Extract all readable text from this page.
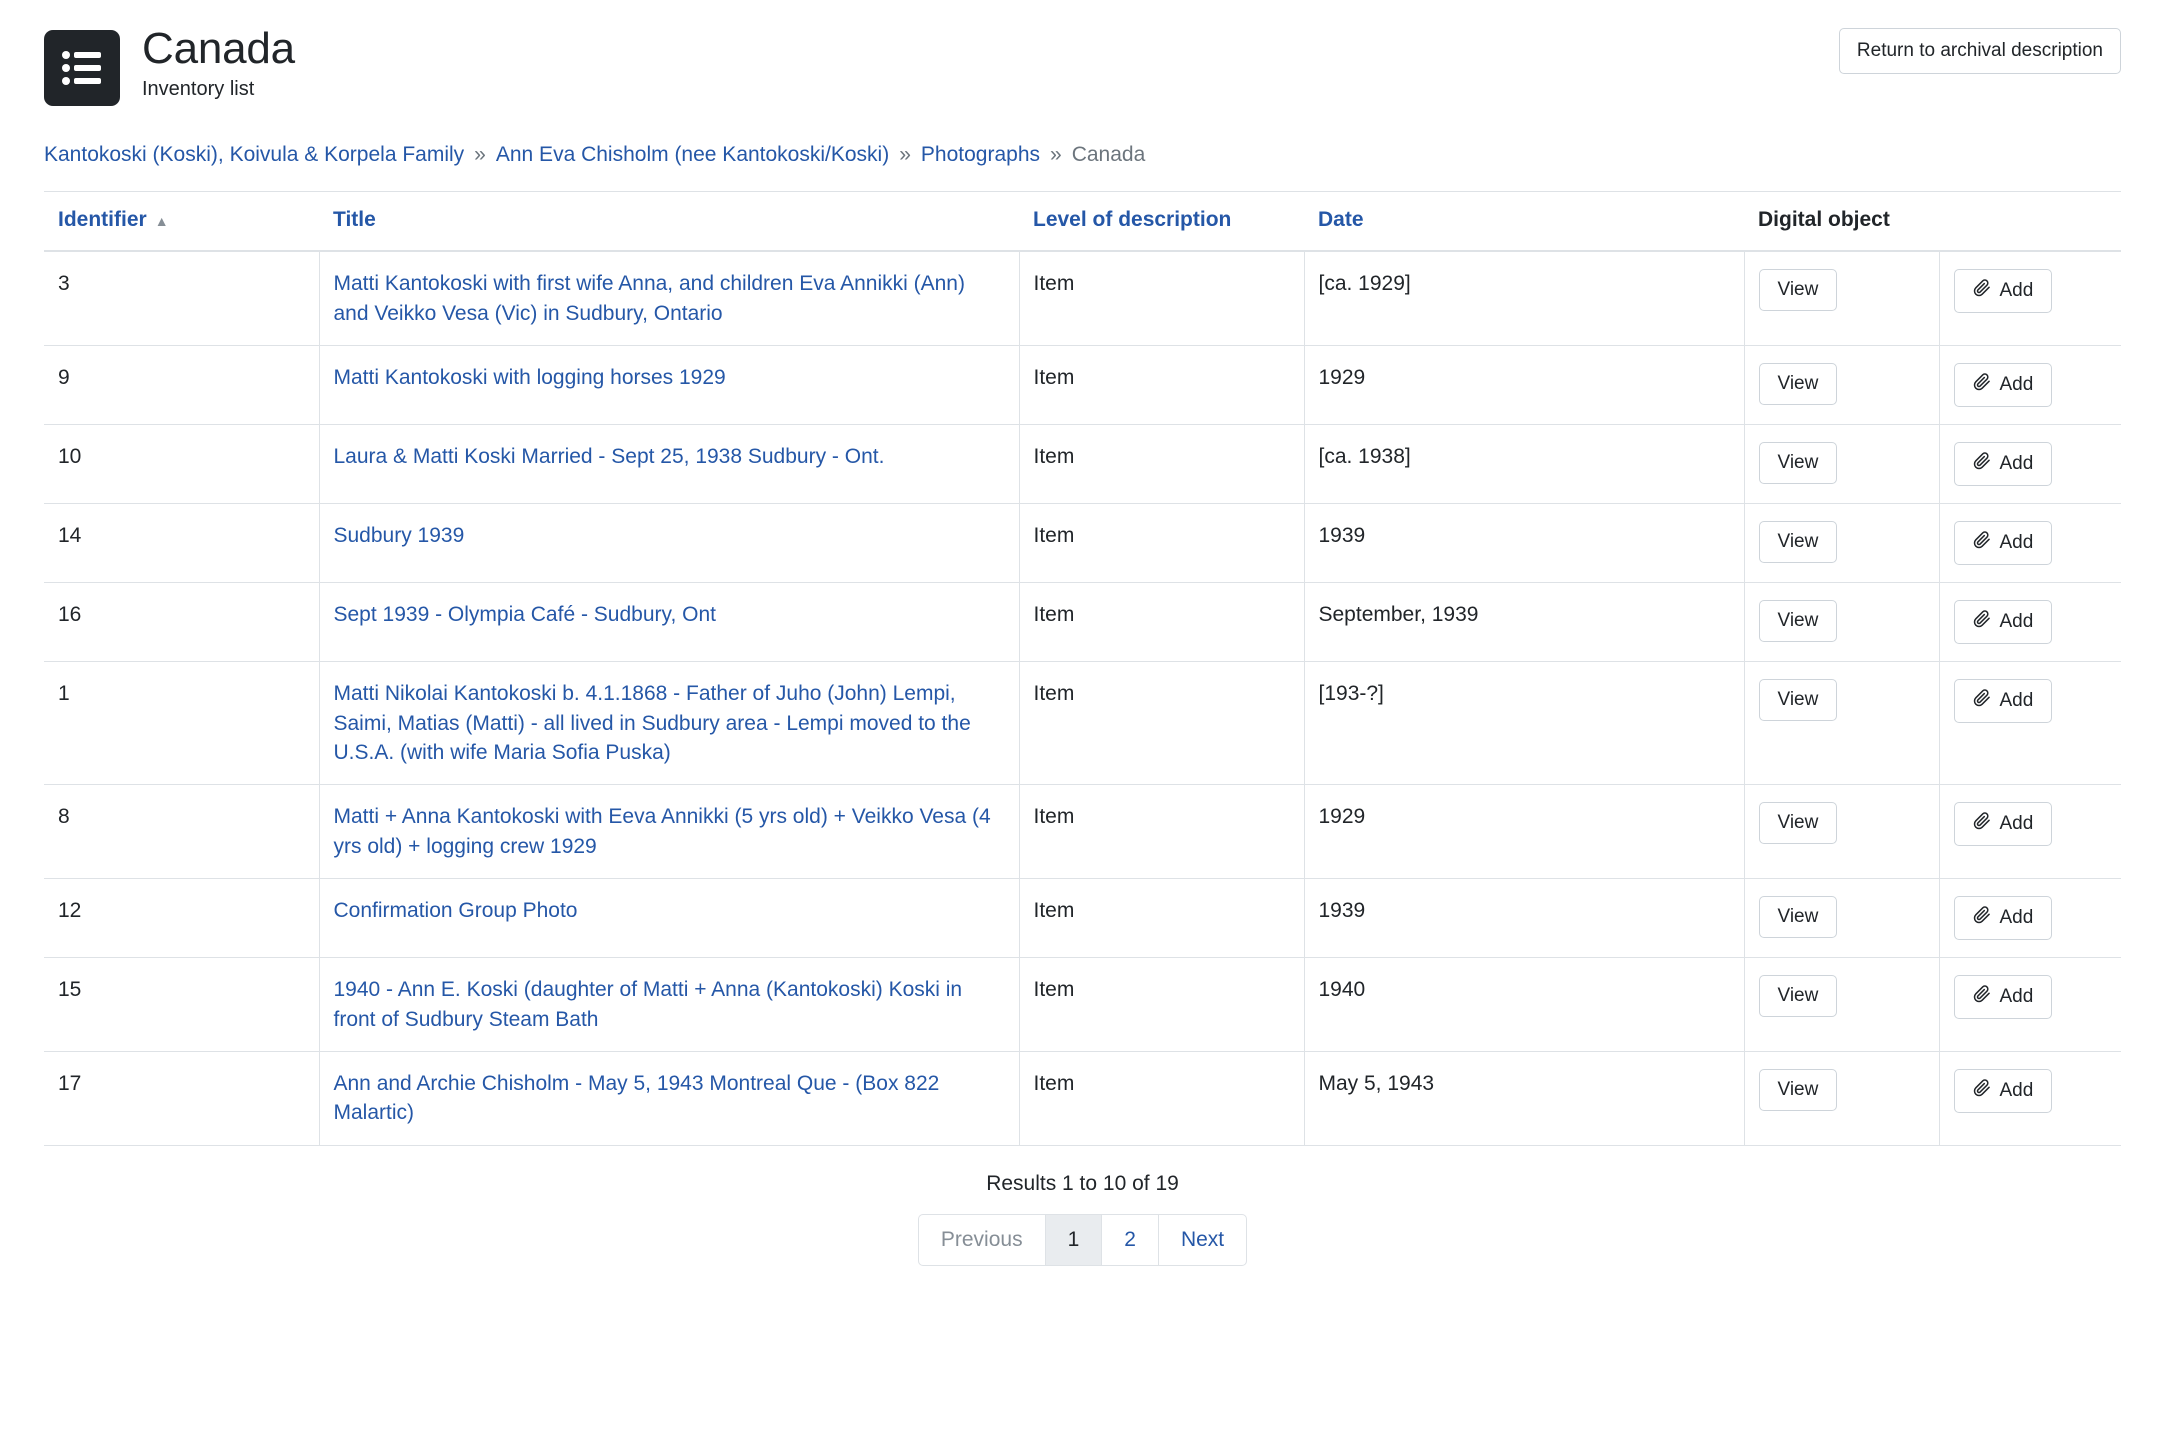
Canada

Inventory list

Return to archival description
Kantokoski (Koski), Koivula & Korpela Family » Ann Eva Chisholm (nee Kantokoski/Koski) » Photographs » Canada
Identifier ▲	Title	Level of description	Date	Digital object	
3	Matti Kantokoski with first wife Anna, and children Eva Annikki (Ann) and Veikko Vesa (Vic) in Sudbury, Ontario	Item	[ca. 1929]	View	Add

9	Matti Kantokoski with logging horses 1929	Item	1929	View	Add

10	Laura & Matti Koski Married - Sept 25, 1938 Sudbury - Ont.	Item	[ca. 1938]	View	Add

14	Sudbury 1939	Item	1939	View	Add

16	Sept 1939 - Olympia Café - Sudbury, Ont	Item	September, 1939	View	Add

1	Matti Nikolai Kantokoski b. 4.1.1868 - Father of Juho (John) Lempi, Saimi, Matias (Matti) - all lived in Sudbury area - Lempi moved to the U.S.A. (with wife Maria Sofia Puska)	Item	[193-?]	View	Add

8	Matti + Anna Kantokoski with Eeva Annikki (5 yrs old) + Veikko Vesa (4 yrs old) + logging crew 1929	Item	1929	View	Add

12	Confirmation Group Photo	Item	1939	View	Add

15	1940 - Ann E. Koski (daughter of Matti + Anna (Kantokoski) Koski in front of Sudbury Steam Bath	Item	1940	View	Add

17	Ann and Archie Chisholm - May 5, 1943 Montreal Que - (Box 822 Malartic)	Item	May 5, 1943	View	Add
Results 1 to 10 of 19
Previous	1	2	Next
